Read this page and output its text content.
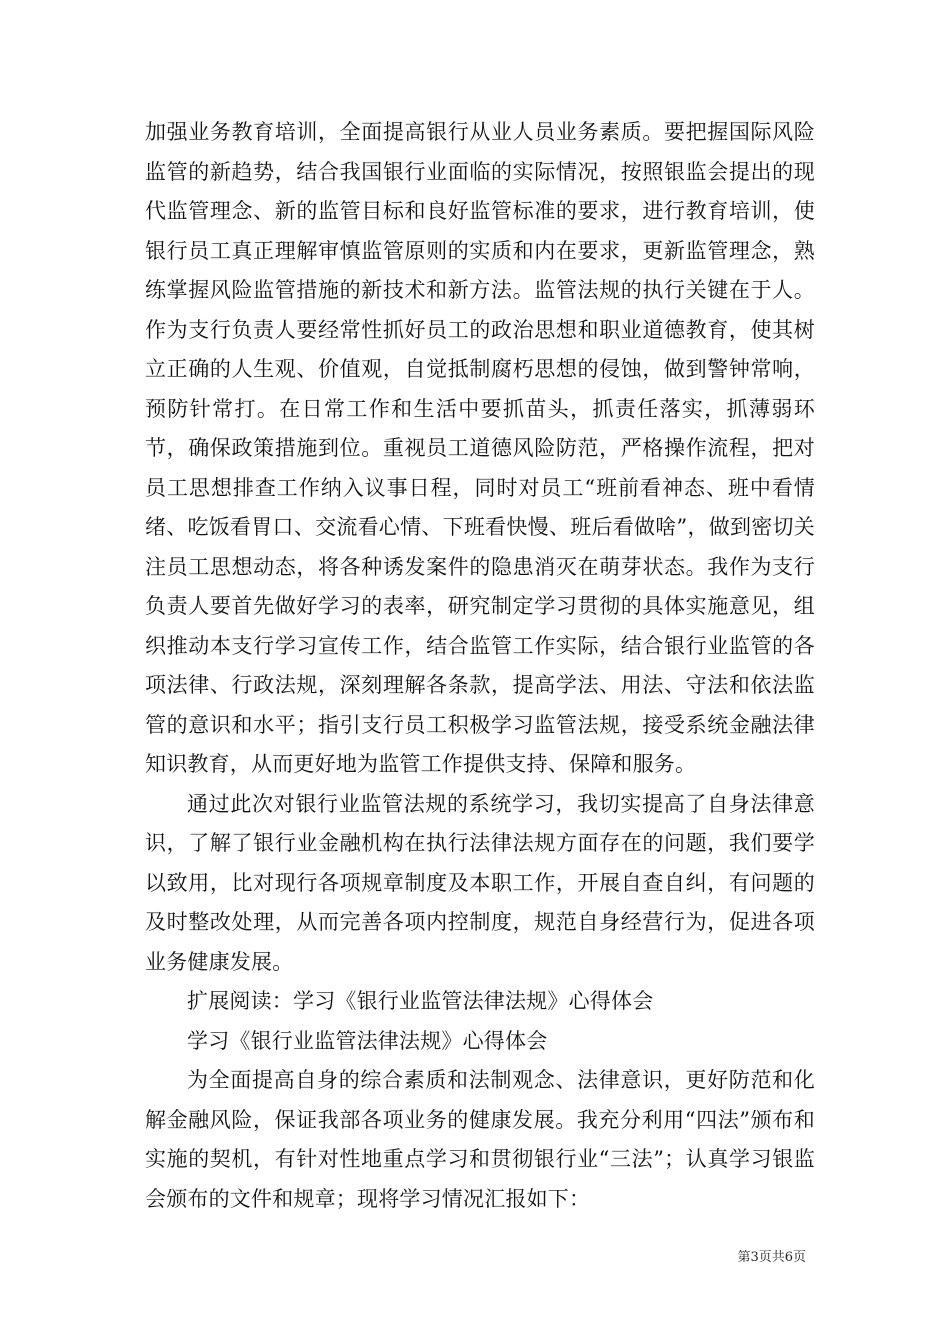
加强业务教育培训，全面提高银行从业人员业务素质。要把握国际风险监管的新趋势，结合我国银行业面临的实际情况，按照银监会提出的现代监管理念、新的监管目标和良好监管标准的要求，进行教育培训，使银行员工真正理解审慎监管原则的实质和内在要求，更新监管理念，熟练掌握风险监管措施的新技术和新方法。监管法规的执行关键在于人。作为支行负责人要经常性抓好员工的政治思想和职业道德教育，使其树立正确的人生观、价值观，自觉抵制腐朽思想的侵蚀，做到警钟常响，预防针常打。在日常工作和生活中要抓苗头，抓责任落实，抓薄弱环节，确保政策措施到位。重视员工道德风险防范，严格操作流程，把对员工思想排查工作纳入议事日程，同时对员工“班前看神态、班中看情绪、吃饭看胃口、交流看心情、下班看快慢、班后看做啥”，做到密切关注员工思想动态，将各种诱发案件的隐患消灭在萌芽状态。我作为支行负责人要首先做好学习的表率，研究制定学习贯彻的具体实施意见，组织推动本支行学习宣传工作，结合监管工作实际，结合银行业监管的各项法律、行政法规，深刻理解各条款，提高学法、用法、守法和依法监管的意识和水平；指引支行员工积极学习监管法规，接受系统金融法律知识教育，从而更好地为监管工作提供支持、保障和服务。

通过此次对银行业监管法规的系统学习，我切实提高了自身法律意识，了解了银行业金融机构在执行法律法规方面存在的问题，我们要学以致用，比对现行各项规章制度及本职工作，开展自查自纠，有问题的及时整改处理，从而完善各项内控制度，规范自身经营行为，促进各项业务健康发展。

扩展阅读：学习《银行业监管法律法规》心得体会

学习《银行业监管法律法规》心得体会

为全面提高自身的综合素质和法制观念、法律意识，更好防范和化解金融风险，保证我部各项业务的健康发展。我充分利用“四法”颁布和实施的契机，有针对性地重点学习和贯彻银行业“三法”；认真学习银监会颁布的文件和规章；现将学习情况汇报如下：

第3页共6页
